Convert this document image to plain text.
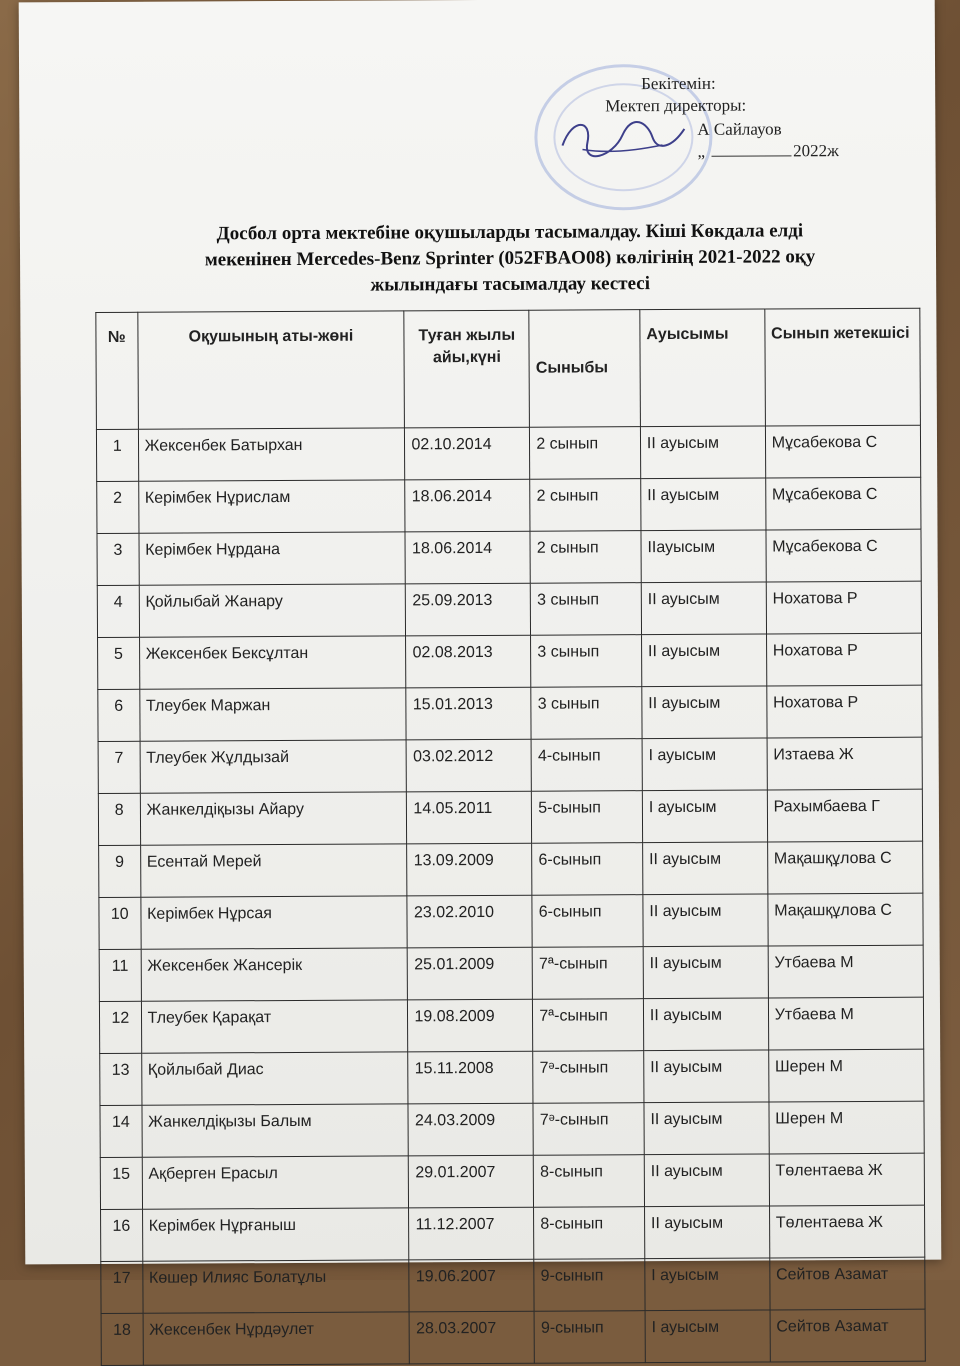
Бекітемін:
Мектеп директоры:
А Сайлауов
„	2022ж
Досбол орта мектебіне оқушыларды тасымалдау. Кіші Көкдала елді
мекенінен Mercedes-Benz Sprinter (052FBAO08) көлігінің 2021-2022 оқу
жылындағы тасымалдау кестесі
№	Оқушының аты-жөні	Туған жылы айы,күні	Сыныбы	Ауысымы	Сынып жетекшісі
1	Жексенбек Батырхан	02.10.2014	2 сынып	II ауысым	Мұсабекова С
2	Керімбек Нұрислам	18.06.2014	2 сынып	II ауысым	Мұсабекова С
3	Керімбек Нұрдана	18.06.2014	2 сынып	IIауысым	Мұсабекова С
4	Қойлыбай Жанару	25.09.2013	3 сынып	II ауысым	Нохатова Р
5	Жексенбек Бексұлтан	02.08.2013	3 сынып	II ауысым	Нохатова Р
6	Тлеубек Маржан	15.01.2013	3 сынып	II ауысым	Нохатова Р
7	Тлеубек Жұлдызай	03.02.2012	4-сынып	I ауысым	Изтаева Ж
8	Жанкелдіқызы Айару	14.05.2011	5-сынып	I ауысым	Рахымбаева Г
9	Есентай Мерей	13.09.2009	6-сынып	II ауысым	Мақашқұлова С
10	Керімбек Нұрсая	23.02.2010	6-сынып	II ауысым	Мақашқұлова С
11	Жексенбек Жансерік	25.01.2009	7ª-сынып	II ауысым	Утбаева М
12	Тлеубек Қарақат	19.08.2009	7ª-сынып	II ауысым	Утбаева М
13	Қойлыбай Диас	15.11.2008	7ᵊ-сынып	II ауысым	Шерен М
14	Жанкелдіқызы Балым	24.03.2009	7ᵊ-сынып	II ауысым	Шерен М
15	Ақберген Ерасыл	29.01.2007	8-сынып	II ауысым	Төлентаева Ж
16	Керімбек Нұрғаныш	11.12.2007	8-сынып	II ауысым	Төлентаева Ж
17	Көшер Илияс Болатұлы	19.06.2007	9-сынып	I ауысым	Сейтов Азамат
18	Жексенбек Нұрдәулет	28.03.2007	9-сынып	I ауысым	Сейтов Азамат
